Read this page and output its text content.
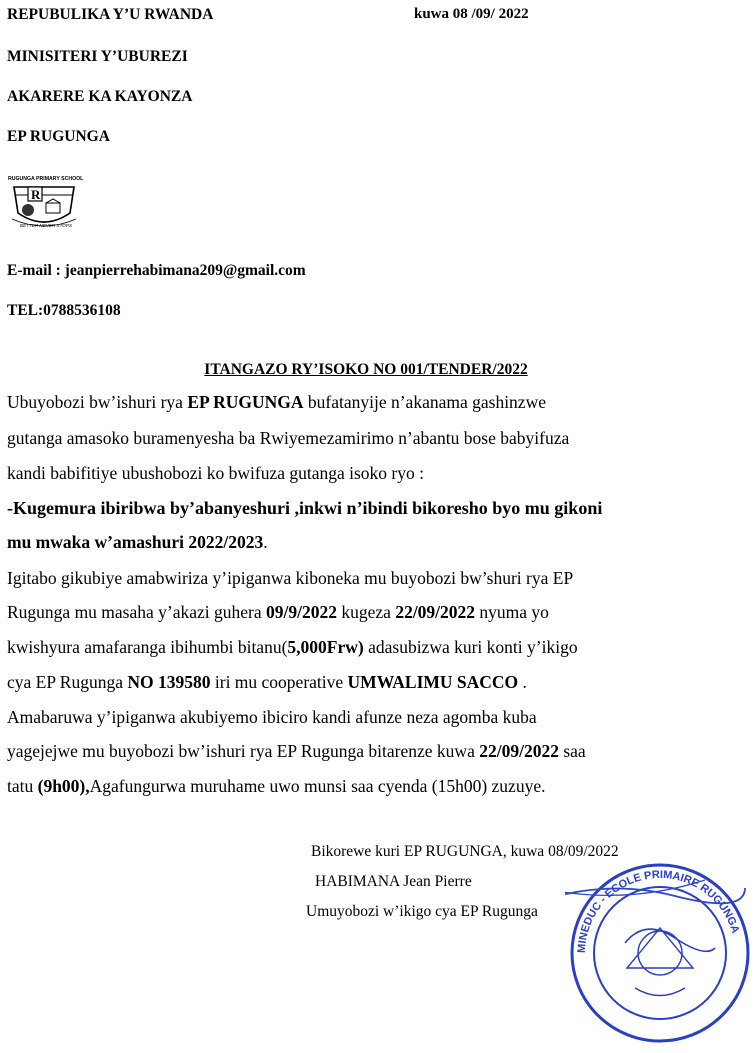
REPUBULIKA Y’U RWANDA	kuwa 08 /09/ 2022
MINISITERI Y’UBUREZI
AKARERE KA KAYONZA
EP RUGUNGA
RUGUNGA PRIMARY SCHOOL
R
BETTER NEVER STOPS
E-mail : jeanpierrehabimana209@gmail.com
TEL:0788536108
ITANGAZO RY’ISOKO NO 001/TENDER/2022
Ubuyobozi bw’ishuri rya EP RUGUNGA bufatanyije n’akanama gashinzwe
gutanga amasoko buramenyesha ba Rwiyemezamirimo n’abantu bose babyifuza
kandi babifitiye ubushobozi ko bwifuza gutanga isoko ryo :
-Kugemura ibiribwa by’abanyeshuri ,inkwi n’ibindi bikoresho byo mu gikoni
mu mwaka w’amashuri 2022/2023.
Igitabo gikubiye amabwiriza y’ipiganwa kiboneka mu buyobozi bw’shuri rya EP
Rugunga mu masaha y’akazi guhera 09/9/2022 kugeza 22/09/2022 nyuma yo
kwishyura amafaranga ibihumbi bitanu(5,000Frw) adasubizwa kuri konti y’ikigo
cya EP Rugunga NO 139580 iri mu cooperative UMWALIMU SACCO .
Amabaruwa y’ipiganwa akubiyemo ibiciro kandi afunze neza agomba kuba
yagejejwe mu buyobozi bw’ishuri rya EP Rugunga bitarenze kuwa 22/09/2022 saa
tatu (9h00),Agafungurwa muruhame uwo munsi saa cyenda (15h00) zuzuye.
Bikorewe kuri EP RUGUNGA, kuwa 08/09/2022
HABIMANA Jean Pierre
Umuyobozi w’ikigo cya EP Rugunga
MINEDUC - ECOLE PRIMAIRE RUGUNGA
